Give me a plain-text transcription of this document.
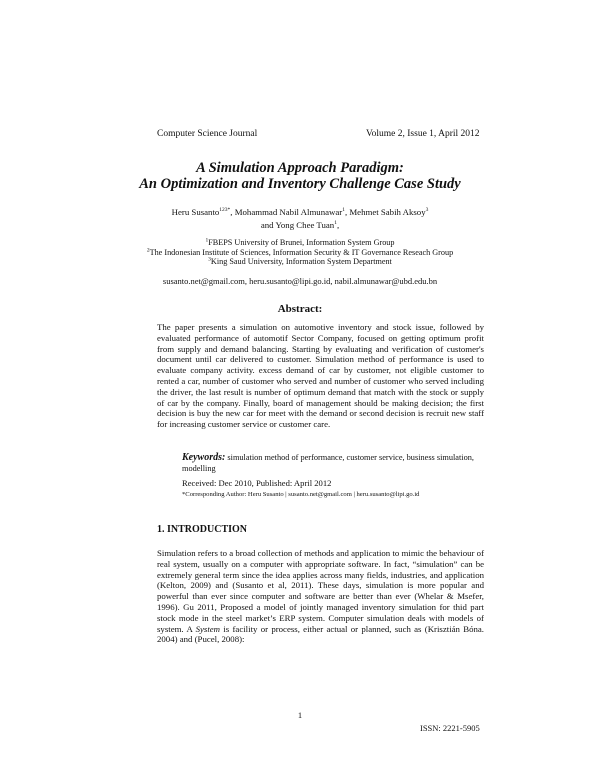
Computer Science Journal	Volume 2, Issue 1, April 2012
A Simulation Approach Paradigm:
An Optimization and Inventory Challenge Case Study
Heru Susanto$^{123*}$, Mohammad Nabil Almunawar$^1$, Mehmet Sabih Aksoy$^3$
and Yong Chee Tuan$^1$,
$^1$FBEPS University of Brunei, Information System Group
$^2$The Indonesian Institute of Sciences, Information Security & IT Governance Reseach Group
$^3$King Saud University, Information System Department
susanto.net@gmail.com, heru.susanto@lipi.go.id, nabil.almunawar@ubd.edu.bn
Abstract:
The paper presents a simulation on automotive inventory and stock issue, followed by evaluated performance of automotif Sector Company, focused on getting optimum profit from supply and demand balancing. Starting by evaluating and verification of customer's document until car delivered to customer. Simulation method of performance is used to evaluate company activity. excess demand of car by customer, not eligible customer to rented a car, number of customer who served and number of customer who served including the driver, the last result is number of optimum demand that match with the stock or supply of car by the company. Finally, board of management should be making decision; the first decision is buy the new car for meet with the demand or second decision is recruit new staff for increasing customer service or customer care.
Keywords: simulation method of performance, customer service, business simulation, modelling
Received: Dec 2010, Published: April 2012
*Corresponding Author: Heru Susanto | susanto.net@gmail.com | heru.susanto@lipi.go.id
1. INTRODUCTION
Simulation refers to a broad collection of methods and application to mimic the behaviour of real system, usually on a computer with appropriate software. In fact, “simulation” can be extremely general term since the idea applies across many fields, industries, and application (Kelton, 2009) and (Susanto et al, 2011). These days, simulation is more popular and powerful than ever since computer and software are better than ever (Whelar & Msefer, 1996). Gu 2011, Proposed a model of jointly managed inventory simulation for thid part stock mode in the steel market’s ERP system. Computer simulation deals with models of system. A System is facility or process, either actual or planned, such as (Krisztián Bóna. 2004) and (Pucel, 2008):
1
ISSN: 2221-5905
